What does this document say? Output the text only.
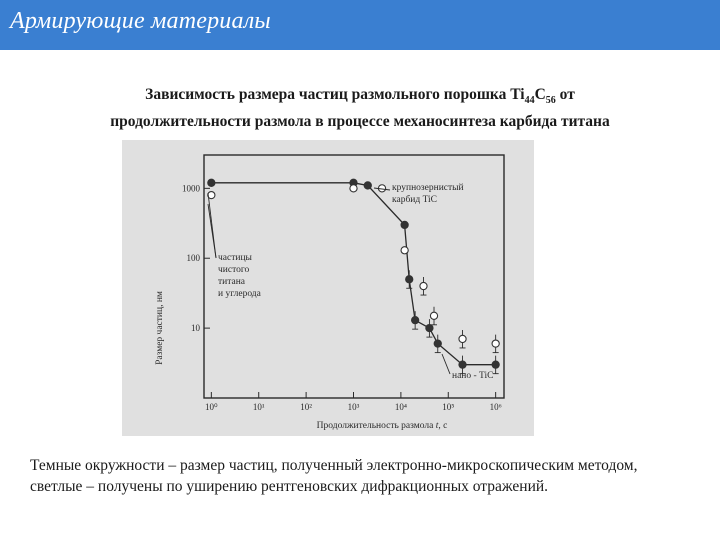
Армирующие материалы
Зависимость размера частиц размольного порошка $Ti_{44}C_{56}$ от
продолжительности размола в процессе механосинтеза карбида титана
10⁰	10¹	10²	10³	10⁴	10⁵	10⁶
1000
100
10
Размер частиц, нм
Продолжительность размола t, с
крупнозернистый
карбид TiC
частицы
чистого
титана
и углерода
нано - TiC
Темные окружности – размер частиц, полученный электронно-микроскопическим методом, светлые – получены по уширению рентгеновских дифракционных отражений.
